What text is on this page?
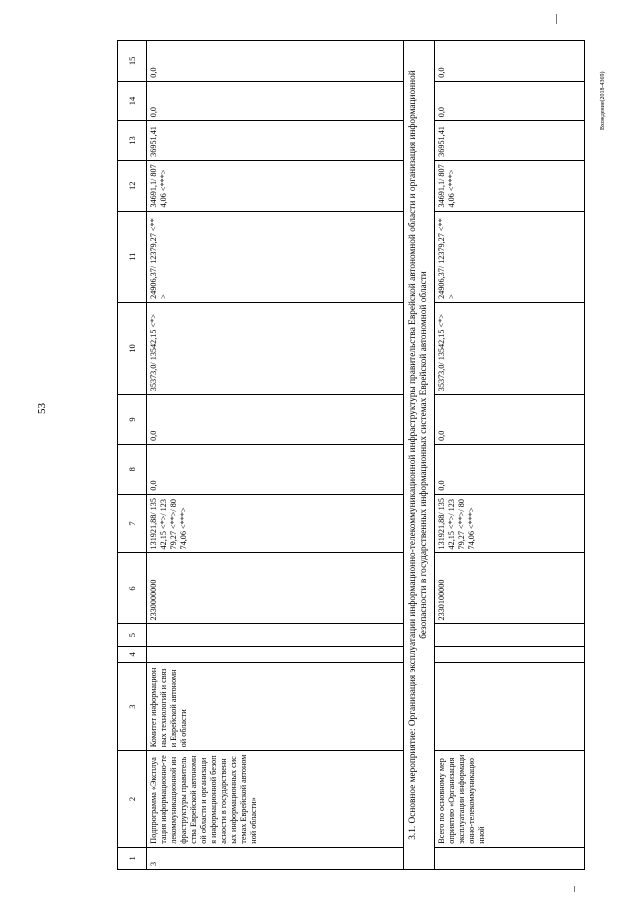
53
Вхождение(2018-4369)
1	2	3	4	5	6	7	8	9	10	11	12	13	14	15
3	Подпрограмма «Эксплуатация информационно-телекоммуникационной инфраструктуры правительства Еврейской автономной области и организация информационной безопасности в государственных информационных системах Еврейской автономной области»	Комитет информационных технологий и связи Еврейской автономной области			2330000000	131921,88/ 13542,15 <*>/ 12379,27 <**>/ 8074,06 <***>	0,0	0,0	35373,0/ 13542,15 <*>	24906,37/ 12379,27 <**>	34691,1/ 8074,06 <***>	36951,41	0,0	0,0
3.1. Основное мероприятие: Организация эксплуатации информационно-телекоммуникационной инфраструктуры правительства Еврейской автономной области и организация информационной безопасности в государственных информационных системах Еврейской автономной области														
	Всего по основному мероприятию «Организация эксплуатации информационно-телекоммуникационной				2330100000	131921,88/ 13542,15 <*>/ 12379,27 <**>/ 8074,06 <***>	0,0	0,0	35373,0/ 13542,15 <*>	24906,37/ 12379,27 <**>	34691,1/ 8074,06 <***>	36951,41	0,0	0,0
